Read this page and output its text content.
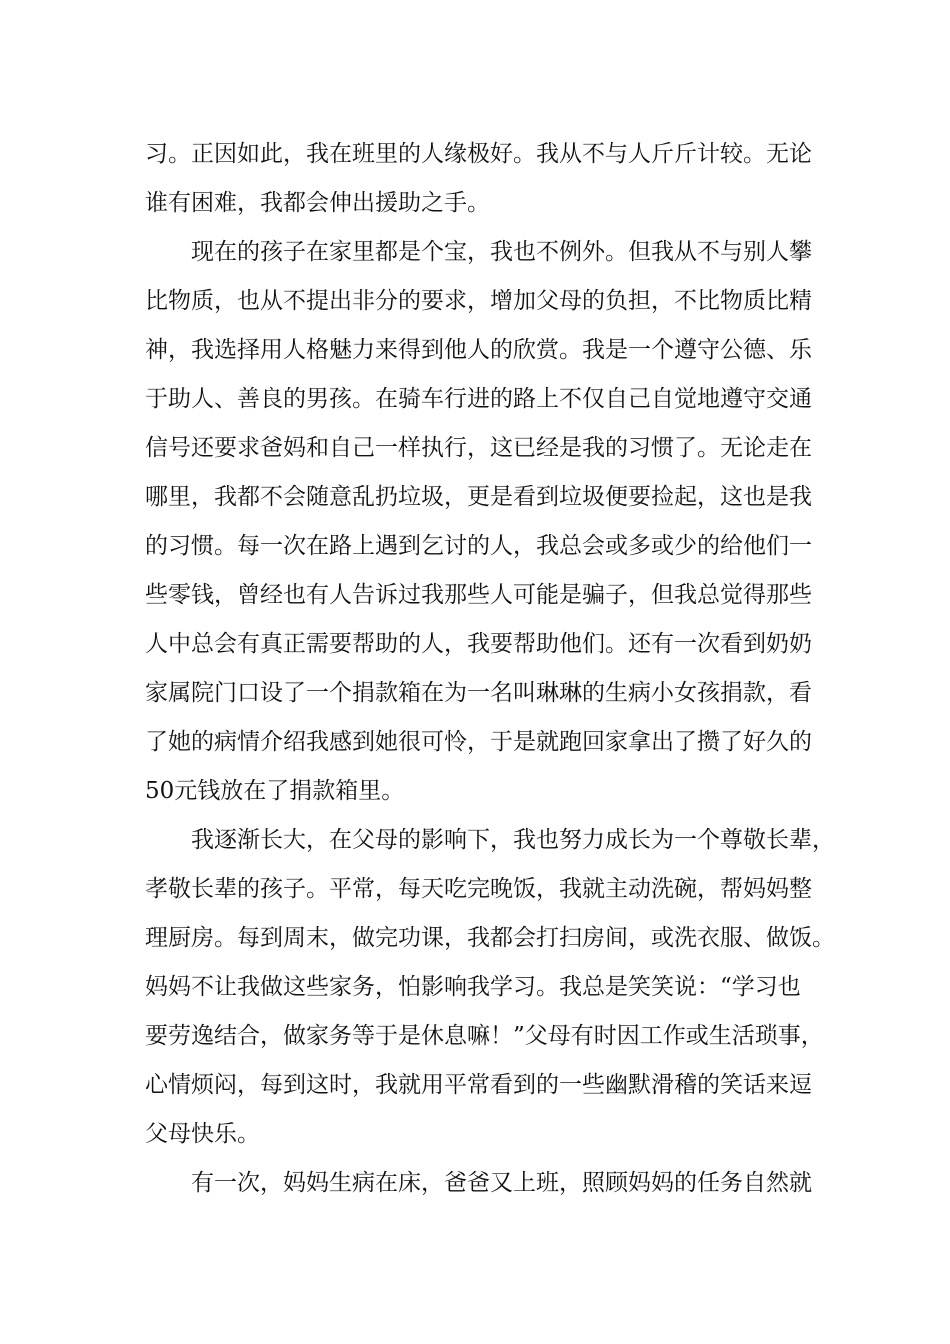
习。正因如此，我在班里的人缘极好。我从不与人斤斤计较。无论
谁有困难，我都会伸出援助之手。
现在的孩子在家里都是个宝，我也不例外。但我从不与别人攀
比物质，也从不提出非分的要求，增加父母的负担，不比物质比精
神，我选择用人格魅力来得到他人的欣赏。我是一个遵守公德、乐
于助人、善良的男孩。在骑车行进的路上不仅自己自觉地遵守交通
信号还要求爸妈和自己一样执行，这已经是我的习惯了。无论走在
哪里，我都不会随意乱扔垃圾，更是看到垃圾便要捡起，这也是我
的习惯。每一次在路上遇到乞讨的人，我总会或多或少的给他们一
些零钱，曾经也有人告诉过我那些人可能是骗子，但我总觉得那些
人中总会有真正需要帮助的人，我要帮助他们。还有一次看到奶奶
家属院门口设了一个捐款箱在为一名叫琳琳的生病小女孩捐款，看
了她的病情介绍我感到她很可怜，于是就跑回家拿出了攒了好久的
50元钱放在了捐款箱里。
我逐渐长大，在父母的影响下，我也努力成长为一个尊敬长辈，
孝敬长辈的孩子。平常，每天吃完晚饭，我就主动洗碗，帮妈妈整
理厨房。每到周末，做完功课，我都会打扫房间，或洗衣服、做饭。
妈妈不让我做这些家务，怕影响我学习。我总是笑笑说：“学习也
要劳逸结合，做家务等于是休息嘛！”父母有时因工作或生活琐事，
心情烦闷，每到这时，我就用平常看到的一些幽默滑稽的笑话来逗
父母快乐。
有一次，妈妈生病在床，爸爸又上班，照顾妈妈的任务自然就
